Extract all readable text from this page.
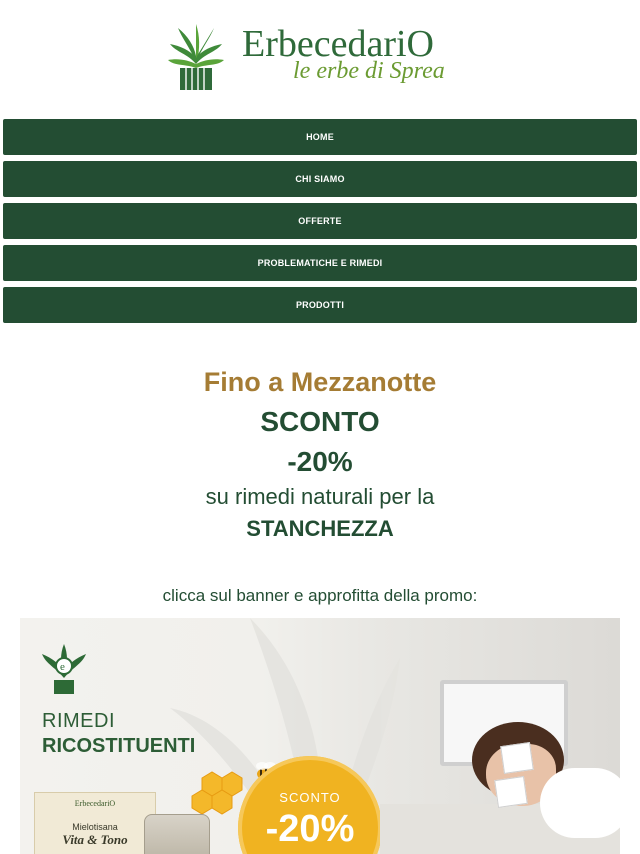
ErbecedariO
le erbe di Sprea
HOME
CHI SIAMO
OFFERTE
PROBLEMATICHE E RIMEDI
PRODOTTI
Fino a Mezzanotte
SCONTO
-20%
su rimedi naturali per la
STANCHEZZA
clicca sul banner e approfitta della promo:
e
RIMEDI
RICOSTITUENTI
ErbecedariO
Mielotisana
Vita & Tono
SCONTO
-20%
